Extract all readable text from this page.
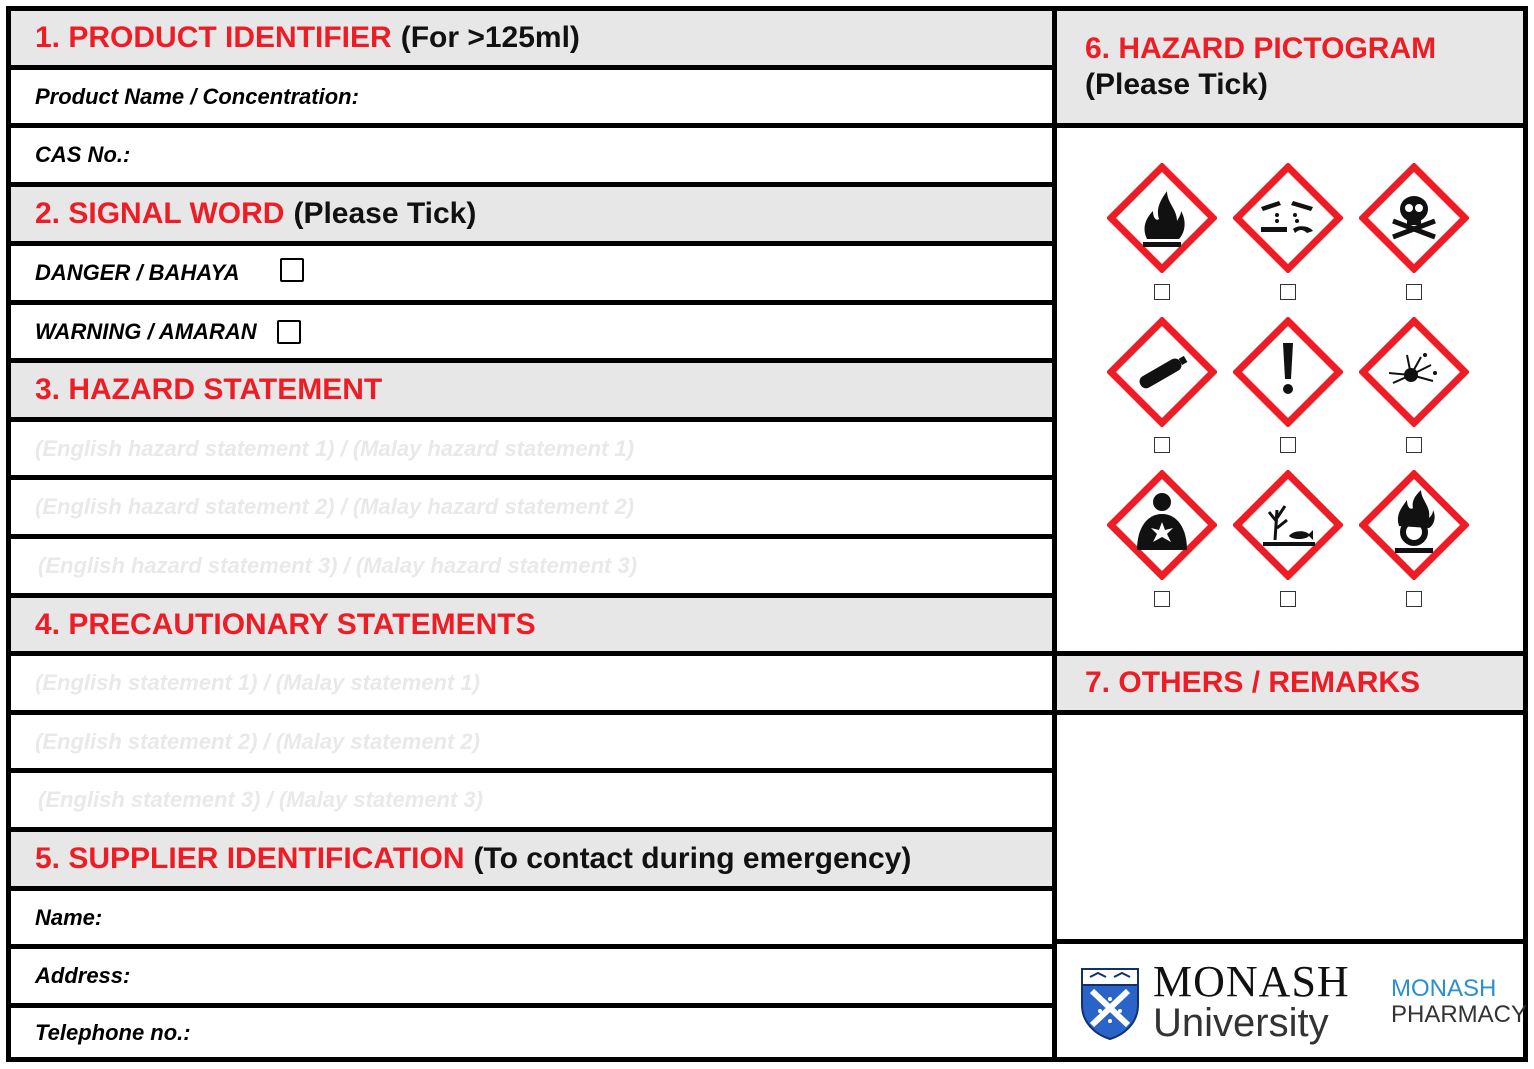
1. PRODUCT IDENTIFIER (For >125ml)
Product Name / Concentration:
CAS No.:
2. SIGNAL WORD (Please Tick)
DANGER / BAHAYA
WARNING / AMARAN
3. HAZARD STATEMENT
(English hazard statement 1) / (Malay hazard statement 1)
(English hazard statement 2) / (Malay hazard statement 2)
(English hazard statement 3) / (Malay hazard statement 3)
4. PRECAUTIONARY STATEMENTS
(English statement 1) / (Malay statement 1)
(English statement 2) / (Malay statement 2)
(English statement 3) / (Malay statement 3)
5. SUPPLIER IDENTIFICATION (To contact during emergency)
Name:
Address:
Telephone no.:
6. HAZARD PICTOGRAM
(Please Tick)
7. OTHERS / REMARKS
MONASH
University
MONASH
PHARMACY
